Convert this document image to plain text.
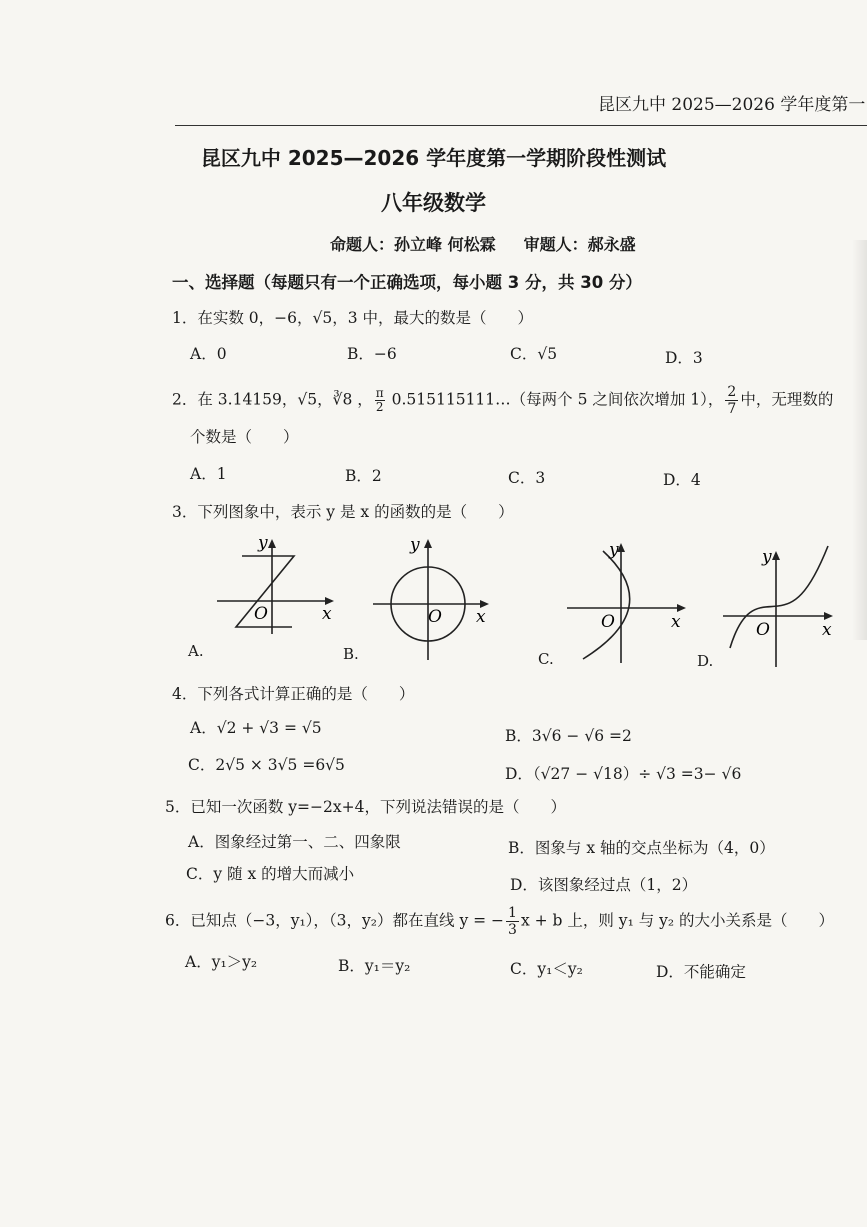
昆区九中 2025—2026 学年度第一
昆区九中 2025—2026 学年度第一学期阶段性测试
八年级数学
命题人：孙立峰 何松霖 审题人：郝永盛
一、选择题（每题只有一个正确选项，每小题 3 分，共 30 分）
1．在实数 0，−6，√5，3 中，最大的数是（　　）
A．0	B．−6	C．√5	D．3
2．在 3.14159，√5，∛8 ， $\frac{\pi}{2}$ 0.515115111…（每两个 5 之间依次增加 1）， $\frac{2}{7}$ 中，无理数的
个数是（　　）
A．1	B．2	C．3	D．4
3．下列图象中，表示 y 是 x 的函数的是（　　）
y
x
O
A.
y
x
O
B.
y
x
O
C.
y
x
O
D.
4．下列各式计算正确的是（　　）
A．√2 + √3 = √5	B．3√6 − √6 =2
C．2√5 × 3√5 =6√5	D．（√27 − √18）÷ √3 =3− √6
5．已知一次函数 y=−2x+4，下列说法错误的是（　　）
A．图象经过第一、二、四象限	B．图象与 x 轴的交点坐标为（4，0）
C．y 随 x 的增大而减小
D．该图象经过点（1，2）
6．已知点（−3，y₁），（3，y₂）都在直线 y = − $\frac{1}{3}$ x + b 上，则 y₁ 与 y₂ 的大小关系是（　　）
A．y₁＞y₂	B．y₁＝y₂	C．y₁＜y₂	D．不能确定
